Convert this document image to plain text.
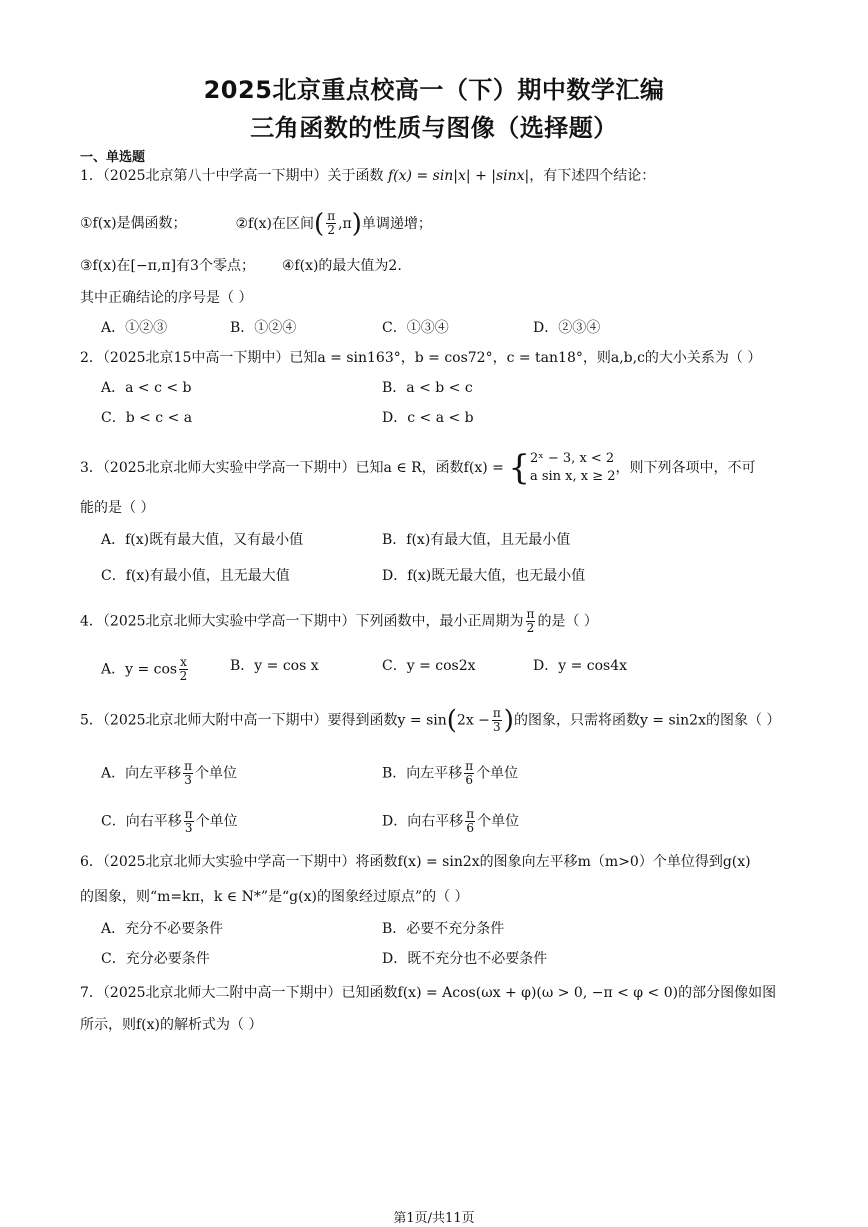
2025北京重点校高一（下）期中数学汇编
三角函数的性质与图像（选择题）
一、单选题
1．（2025北京第八十中学高一下期中）关于函数 f(x) = sin|x| + |sinx|，有下述四个结论：
①f(x)是偶函数；	②f(x)在区间( $\frac{\pi}{2} ,\pi$)单调递增；
③f(x)在[−π,π]有3个零点； ④f(x)的最大值为2.
其中正确结论的序号是（ ）
A．①②③	B．①②④	C．①③④	D．②③④
2．（2025北京15中高一下期中）已知a = sin163°，b = cos72°，c = tan18°，则a,b,c的大小关系为（ ）
A．a < c < b	B．a < b < c
C．b < c < a	D．c < a < b
3．（2025北京北师大实验中学高一下期中）已知a ∈ R，函数f(x) = { 2ˣ − 3, x < 2
a sin x, x ≥ 2
，则下列各项中，不可
能的是（ ）
A．f(x)既有最大值，又有最小值	B．f(x)有最大值，且无最小值
C．f(x)有最小值，且无最大值	D．f(x)既无最大值，也无最小值
4．（2025北京北师大实验中学高一下期中）下列函数中，最小正周期为 $\frac{\pi}{2}$ 的是（ ）
A．$y = \cos \frac{x}{2}$	B．y = cos x	C．y = cos2x	D．y = cos4x
5．（2025北京北师大附中高一下期中）要得到函数$y = \sin(2x - \frac{\pi}{3}$ )的图象，只需将函数y = sin2x的图象（ ）
A．向左平移 $\frac{\pi}{3}$ 个单位	B．向左平移 $\frac{\pi}{6}$ 个单位
C．向右平移 $\frac{\pi}{3}$ 个单位	D．向右平移 $\frac{\pi}{6}$ 个单位
6．（2025北京北师大实验中学高一下期中）将函数f(x) = sin2x的图象向左平移m（m>0）个单位得到g(x)
的图象，则“m=kπ，k ∈ N*”是“g(x)的图象经过原点”的（ ）
A．充分不必要条件	B．必要不充分条件
C．充分必要条件	D．既不充分也不必要条件
7．（2025北京北师大二附中高一下期中）已知函数f(x) = Acos(ωx + φ)(ω > 0, −π < φ < 0)的部分图像如图
所示，则f(x)的解析式为（ ）
第1页/共11页
